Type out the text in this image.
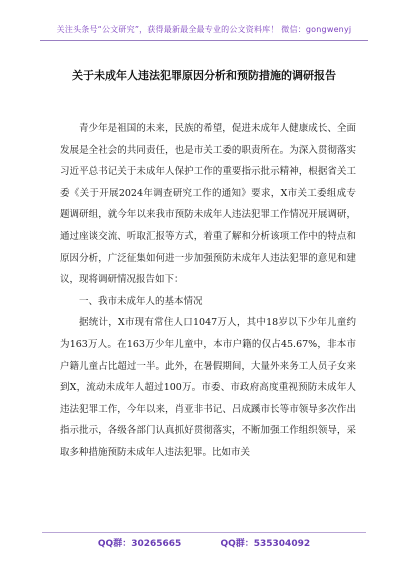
关注头条号“公文研究”，获得最新最全最专业的公文资料库！ 微信：gongwenyj
关于未成年人违法犯罪原因分析和预防措施的调研报告

青少年是祖国的未来，民族的希望，促进未成年人健康成长、全面发展是全社会的共同责任，也是市关工委的职责所在。为深入贯彻落实习近平总书记关于未成年人保护工作的重要指示批示精神，根据省关工委《关于开展2024年调查研究工作的通知》要求，X市关工委组成专题调研组，就今年以来我市预防未成年人违法犯罪工作情况开展调研，通过座谈交流、听取汇报等方式，着重了解和分析该项工作中的特点和原因分析，广泛征集如何进一步加强预防未成年人违法犯罪的意见和建议，现将调研情况报告如下：

一、我市未成年人的基本情况

据统计，X市现有常住人口1047万人，其中18岁以下少年儿童约为163万人。在163万少年儿童中，本市户籍的仅占45.67%，非本市户籍儿童占比超过一半。此外，在暑假期间，大量外来务工人员子女来到X，流动未成年人超过100万。市委、市政府高度重视预防未成年人违法犯罪工作，今年以来，肖亚非书记、吕成蹊市长等市领导多次作出指示批示，各级各部门认真抓好贯彻落实，不断加强工作组织领导，采取多种措施预防未成年人违法犯罪。比如市关

QQ群：30265665	QQ群：535304092
